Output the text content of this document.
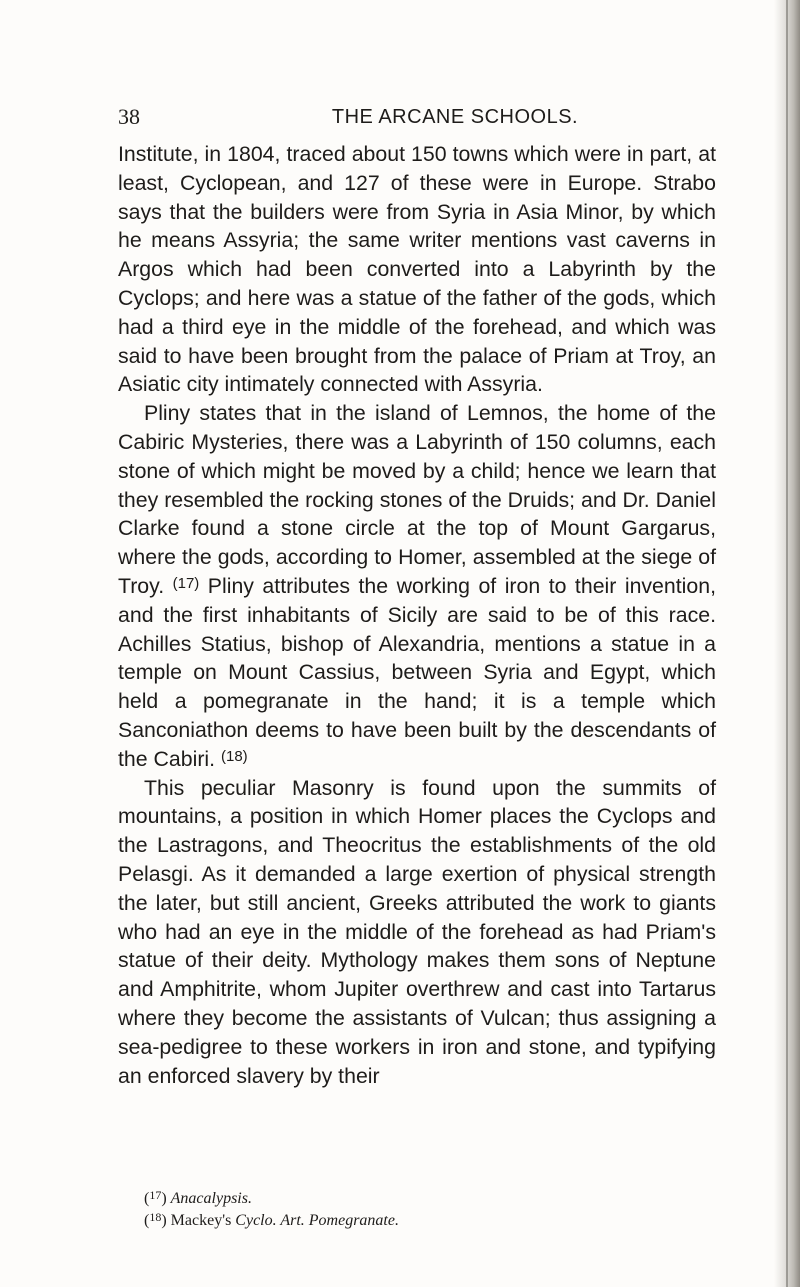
38	THE ARCANE SCHOOLS.

Institute, in 1804, traced about 150 towns which were in part, at least, Cyclopean, and 127 of these were in Europe. Strabo says that the builders were from Syria in Asia Minor, by which he means Assyria; the same writer mentions vast caverns in Argos which had been converted into a Labyrinth by the Cyclops; and here was a statue of the father of the gods, which had a third eye in the middle of the forehead, and which was said to have been brought from the palace of Priam at Troy, an Asiatic city intimately connected with Assyria.

Pliny states that in the island of Lemnos, the home of the Cabiric Mysteries, there was a Labyrinth of 150 columns, each stone of which might be moved by a child; hence we learn that they resembled the rocking stones of the Druids; and Dr. Daniel Clarke found a stone circle at the top of Mount Gargarus, where the gods, according to Homer, assembled at the siege of Troy. $^{(17)}$ Pliny attributes the working of iron to their invention, and the first inhabitants of Sicily are said to be of this race. Achilles Statius, bishop of Alexandria, mentions a statue in a temple on Mount Cassius, between Syria and Egypt, which held a pomegranate in the hand; it is a temple which Sanconiathon deems to have been built by the descendants of the Cabiri. $^{(18)}$

This peculiar Masonry is found upon the summits of mountains, a position in which Homer places the Cyclops and the Lastragons, and Theocritus the establishments of the old Pelasgi. As it demanded a large exertion of physical strength the later, but still ancient, Greeks attributed the work to giants who had an eye in the middle of the forehead as had Priam's statue of their deity. Mythology makes them sons of Neptune and Amphitrite, whom Jupiter overthrew and cast into Tartarus where they become the assistants of Vulcan; thus assigning a sea-pedigree to these workers in iron and stone, and typifying an enforced slavery by their

($^{17}$) Anacalypsis.
($^{18}$) Mackey's Cyclo. Art. Pomegranate.
